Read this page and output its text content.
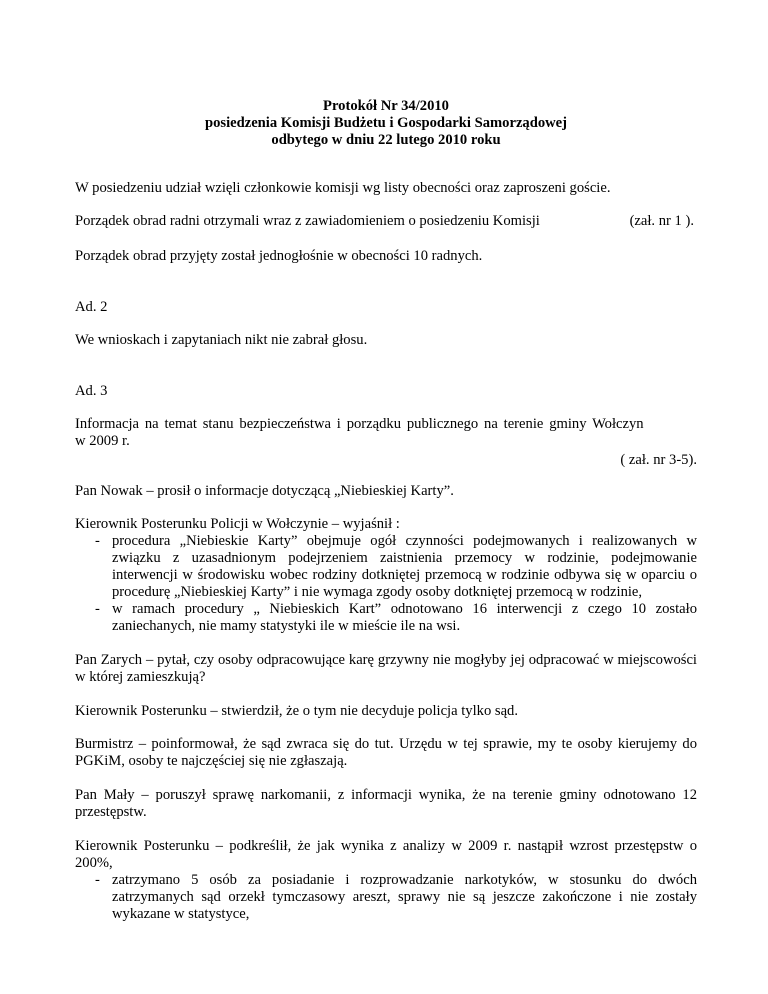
Protokół Nr 34/2010
posiedzenia Komisji Budżetu i Gospodarki Samorządowej
odbytego w dniu 22 lutego 2010 roku

W posiedzeniu udział wzięli członkowie komisji wg listy obecności oraz zaproszeni goście.

Porządek obrad radni otrzymali wraz z zawiadomieniem o posiedzeniu Komisji	(zał. nr 1 ).

Porządek obrad przyjęty został jednogłośnie w obecności 10 radnych.

Ad. 2

We wnioskach i zapytaniach nikt nie zabrał głosu.

Ad. 3

Informacja na temat stanu bezpieczeństwa i porządku publicznego na terenie gminy Wołczyn
w 2009 r.
( zał. nr 3-5).

Pan Nowak – prosił o informacje dotyczącą „Niebieskiej Karty”.

Kierownik Posterunku Policji w Wołczynie – wyjaśnił :
- procedura „Niebieskie Karty” obejmuje ogół czynności podejmowanych i realizowanych w związku z uzasadnionym podejrzeniem zaistnienia przemocy w rodzinie, podejmowanie interwencji w środowisku wobec rodziny dotkniętej przemocą w rodzinie odbywa się w oparciu o procedurę „Niebieskiej Karty” i nie wymaga zgody osoby dotkniętej przemocą w rodzinie,
- w ramach procedury „ Niebieskich Kart” odnotowano 16 interwencji z czego 10 zostało zaniechanych, nie mamy statystyki ile w mieście ile na wsi.

Pan Zarych – pytał, czy osoby odpracowujące karę grzywny nie mogłyby jej odpracować w miejscowości w której zamieszkują?

Kierownik Posterunku – stwierdził, że o tym nie decyduje policja tylko sąd.

Burmistrz – poinformował, że sąd zwraca się do tut. Urzędu w tej sprawie, my te osoby kierujemy do PGKiM, osoby te najczęściej się nie zgłaszają.

Pan Mały – poruszył sprawę narkomanii, z informacji wynika, że na terenie gminy odnotowano 12 przestępstw.

Kierownik Posterunku – podkreślił, że jak wynika z analizy w 2009 r. nastąpił wzrost przestępstw o 200%,

- zatrzymano 5 osób za posiadanie i rozprowadzanie narkotyków, w stosunku do dwóch zatrzymanych sąd orzekł tymczasowy areszt, sprawy nie są jeszcze zakończone i nie zostały wykazane w statystyce,
